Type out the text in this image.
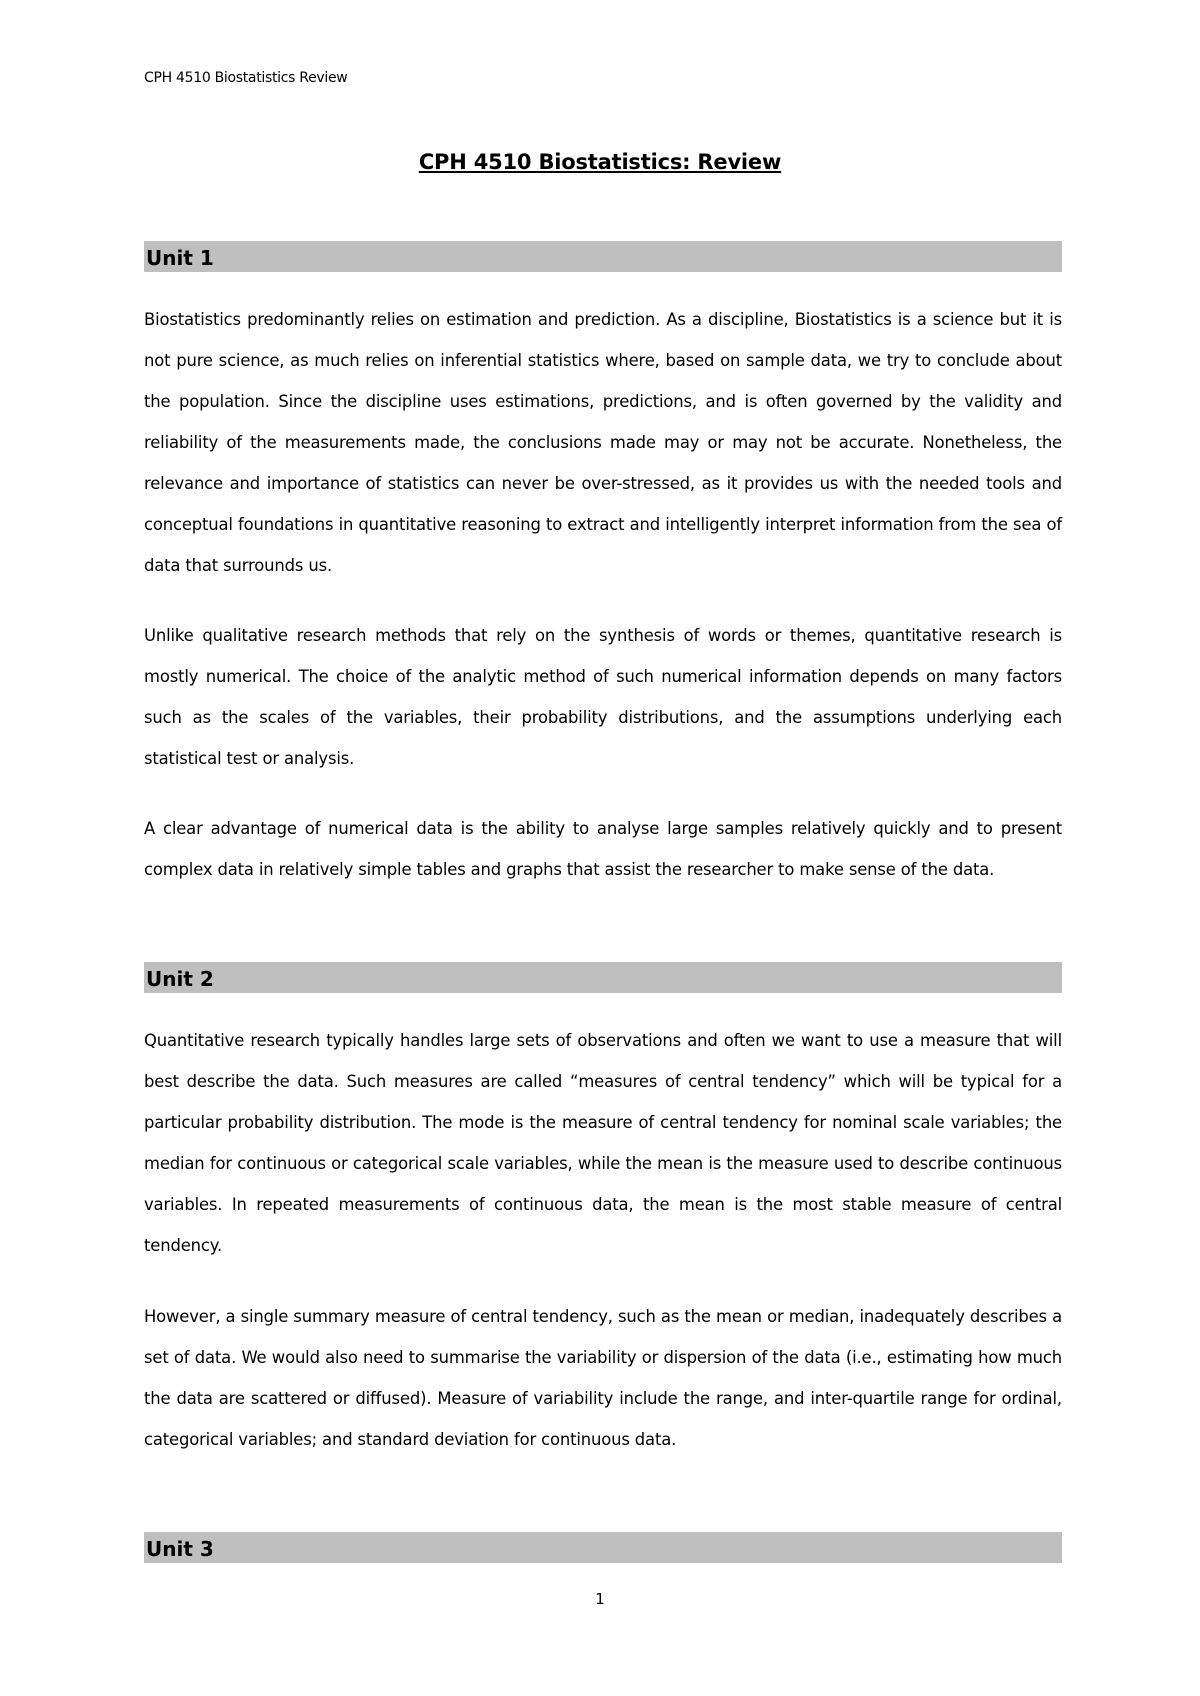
CPH 4510 Biostatistics Review
CPH 4510 Biostatistics: Review
Unit 1

Biostatistics predominantly relies on estimation and prediction. As a discipline, Biostatistics is a science but it is not pure science, as much relies on inferential statistics where, based on sample data, we try to conclude about the population. Since the discipline uses estimations, predictions, and is often governed by the validity and reliability of the measurements made, the conclusions made may or may not be accurate. Nonetheless, the relevance and importance of statistics can never be over-stressed, as it provides us with the needed tools and conceptual foundations in quantitative reasoning to extract and intelligently interpret information from the sea of data that surrounds us.

Unlike qualitative research methods that rely on the synthesis of words or themes, quantitative research is mostly numerical. The choice of the analytic method of such numerical information depends on many factors such as the scales of the variables, their probability distributions, and the assumptions underlying each statistical test or analysis.

A clear advantage of numerical data is the ability to analyse large samples relatively quickly and to present complex data in relatively simple tables and graphs that assist the researcher to make sense of the data.

Unit 2

Quantitative research typically handles large sets of observations and often we want to use a measure that will best describe the data. Such measures are called “measures of central tendency” which will be typical for a particular probability distribution. The mode is the measure of central tendency for nominal scale variables; the median for continuous or categorical scale variables, while the mean is the measure used to describe continuous variables. In repeated measurements of continuous data, the mean is the most stable measure of central tendency.

However, a single summary measure of central tendency, such as the mean or median, inadequately describes a set of data. We would also need to summarise the variability or dispersion of the data (i.e., estimating how much the data are scattered or diffused). Measure of variability include the range, and inter-quartile range for ordinal, categorical variables; and standard deviation for continuous data.

Unit 3
1
